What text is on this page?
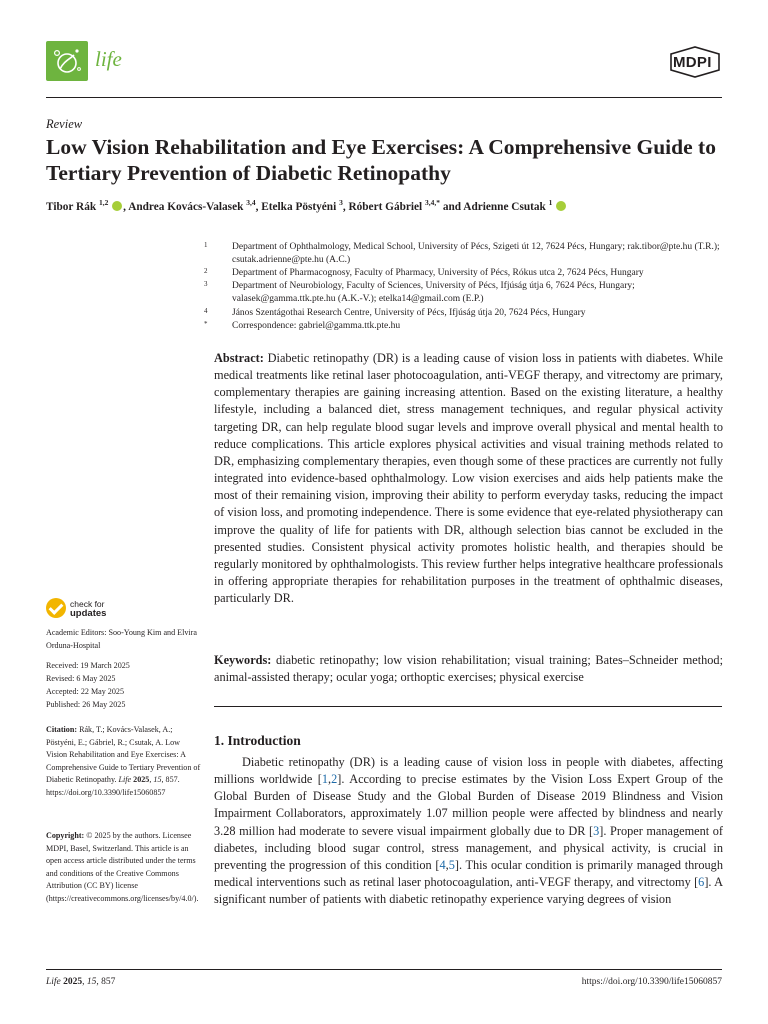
life	MDPI
Review
Low Vision Rehabilitation and Eye Exercises: A Comprehensive Guide to Tertiary Prevention of Diabetic Retinopathy
Tibor Rák $^{1,2}$ , Andrea Kovács-Valasek $^{3,4}$, Etelka Pöstyéni $^3$, Róbert Gábriel $^{3,4,*}$ and Adrienne Csutak $^1$
1	Department of Ophthalmology, Medical School, University of Pécs, Szigeti út 12, 7624 Pécs, Hungary; rak.tibor@pte.hu (T.R.); csutak.adrienne@pte.hu (A.C.)
2	Department of Pharmacognosy, Faculty of Pharmacy, University of Pécs, Rókus utca 2, 7624 Pécs, Hungary
3	Department of Neurobiology, Faculty of Sciences, University of Pécs, Ifjúság útja 6, 7624 Pécs, Hungary; valasek@gamma.ttk.pte.hu (A.K.-V.); etelka14@gmail.com (E.P.)
4	János Szentágothai Research Centre, University of Pécs, Ifjúság útja 20, 7624 Pécs, Hungary
*	Correspondence: gabriel@gamma.ttk.pte.hu
Abstract: Diabetic retinopathy (DR) is a leading cause of vision loss in patients with diabetes. While medical treatments like retinal laser photocoagulation, anti-VEGF therapy, and vitrectomy are primary, complementary therapies are gaining increasing attention. Based on the existing literature, a healthy lifestyle, including a balanced diet, stress management techniques, and regular physical activity targeting DR, can help regulate blood sugar levels and improve overall physical and mental health to reduce complications. This article explores physical activities and visual training methods related to DR, emphasizing complementary therapies, even though some of these practices are currently not fully integrated into evidence-based ophthalmology. Low vision exercises and aids help patients make the most of their remaining vision, improving their ability to perform everyday tasks, reducing the impact of vision loss, and promoting independence. There is some evidence that eye-related physiotherapy can improve the quality of life for patients with DR, although selection bias cannot be excluded in the presented studies. Consistent physical activity promotes holistic health, and therapies should be regularly monitored by ophthalmologists. This review further helps integrative healthcare professionals in offering appropriate therapies for rehabilitation purposes in the treatment of ophthalmic diseases, particularly DR.
Keywords: diabetic retinopathy; low vision rehabilitation; visual training; Bates–Schneider method; animal-assisted therapy; ocular yoga; orthoptic exercises; physical exercise
1. Introduction
Diabetic retinopathy (DR) is a leading cause of vision loss in people with diabetes, affecting millions worldwide [1,2]. According to precise estimates by the Vision Loss Expert Group of the Global Burden of Disease Study and the Global Burden of Disease 2019 Blindness and Vision Impairment Collaborators, approximately 1.07 million people were affected by blindness and nearly 3.28 million had moderate to severe visual impairment globally due to DR [3]. Proper management of diabetes, including blood sugar control, stress management, and physical activity, is crucial in preventing the progression of this condition [4,5]. This ocular condition is primarily managed through medical interventions such as retinal laser photocoagulation, anti-VEGF therapy, and vitrectomy [6]. A significant number of patients with diabetic retinopathy experience varying degrees of vision
check for
updates
Academic Editors: Soo-Young Kim and Elvira Orduna-Hospital
Received: 19 March 2025
Revised: 6 May 2025
Accepted: 22 May 2025
Published: 26 May 2025
Citation: Rák, T.; Kovács-Valasek, A.; Pöstyéni, E.; Gábriel, R.; Csutak, A. Low Vision Rehabilitation and Eye Exercises: A Comprehensive Guide to Tertiary Prevention of Diabetic Retinopathy. Life 2025, 15, 857. https://doi.org/10.3390/life15060857
Copyright: © 2025 by the authors. Licensee MDPI, Basel, Switzerland. This article is an open access article distributed under the terms and conditions of the Creative Commons Attribution (CC BY) license (https://creativecommons.org/licenses/by/4.0/).
Life 2025, 15, 857	https://doi.org/10.3390/life15060857
